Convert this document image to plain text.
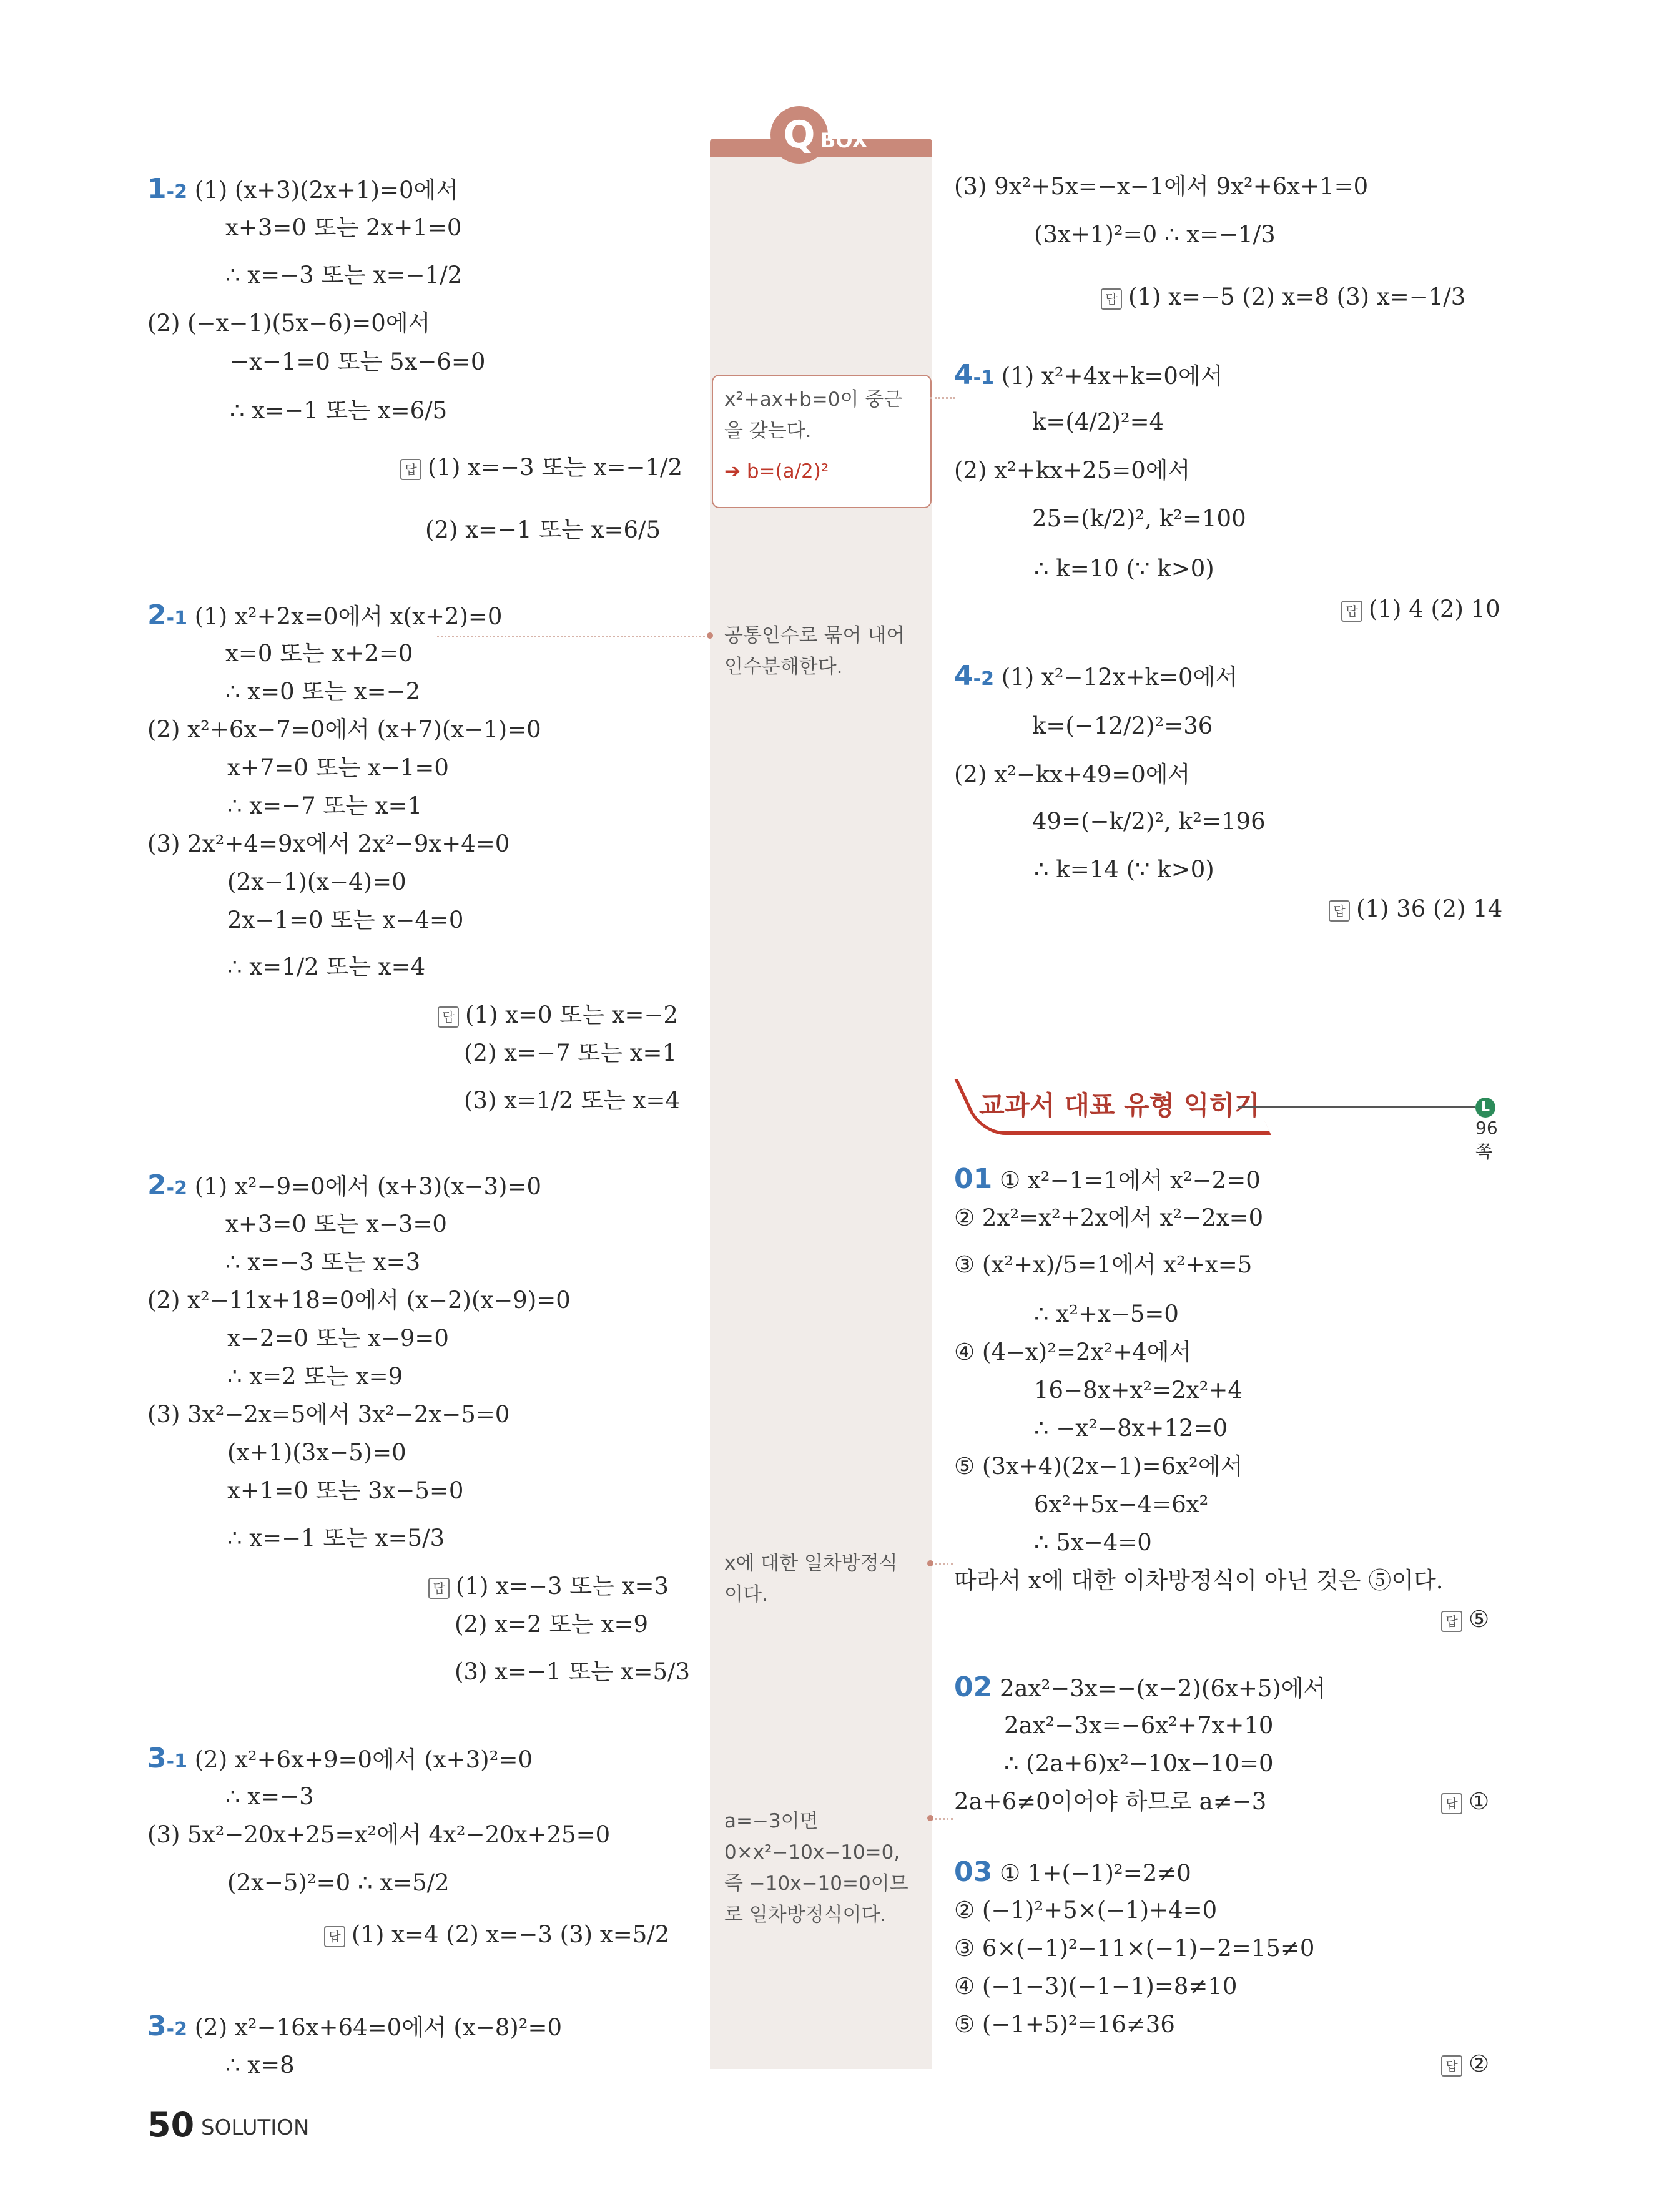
Q BOX
1-2 (1) (x+3)(2x+1)=0에서
x+3=0 또는 2x+1=0
∴ x=−3 또는 x=−1/2
(2) (−x−1)(5x−6)=0에서
−x−1=0 또는 5x−6=0
∴ x=−1 또는 x=6/5
답 (1) x=−3 또는 x=−1/2
(2) x=−1 또는 x=6/5
2-1 (1) x²+2x=0에서 x(x+2)=0
x=0 또는 x+2=0
∴ x=0 또는 x=−2
(2) x²+6x−7=0에서 (x+7)(x−1)=0
x+7=0 또는 x−1=0
∴ x=−7 또는 x=1
(3) 2x²+4=9x에서 2x²−9x+4=0
(2x−1)(x−4)=0
2x−1=0 또는 x−4=0
∴ x=1/2 또는 x=4
답 (1) x=0 또는 x=−2
(2) x=−7 또는 x=1
(3) x=1/2 또는 x=4
2-2 (1) x²−9=0에서 (x+3)(x−3)=0
x+3=0 또는 x−3=0
∴ x=−3 또는 x=3
(2) x²−11x+18=0에서 (x−2)(x−9)=0
x−2=0 또는 x−9=0
∴ x=2 또는 x=9
(3) 3x²−2x=5에서 3x²−2x−5=0
(x+1)(3x−5)=0
x+1=0 또는 3x−5=0
∴ x=−1 또는 x=5/3
답 (1) x=−3 또는 x=3
(2) x=2 또는 x=9
(3) x=−1 또는 x=5/3
3-1 (2) x²+6x+9=0에서 (x+3)²=0
∴ x=−3
(3) 5x²−20x+25=x²에서 4x²−20x+25=0
(2x−5)²=0 ∴ x=5/2
답 (1) x=4 (2) x=−3 (3) x=5/2
3-2 (2) x²−16x+64=0에서 (x−8)²=0
∴ x=8
x²+ax+b=0이 중근
을 갖는다.
➔ b=(a/2)²
공통인수로 묶어 내어
인수분해한다.
x에 대한 일차방정식
이다.
a=−3이면
0×x²−10x−10=0,
즉 −10x−10=0이므
로 일차방정식이다.
(3) 9x²+5x=−x−1에서 9x²+6x+1=0
(3x+1)²=0 ∴ x=−1/3
답 (1) x=−5 (2) x=8 (3) x=−1/3
4-1 (1) x²+4x+k=0에서
k=(4/2)²=4
(2) x²+kx+25=0에서
25=(k/2)², k²=100
∴ k=10 (∵ k>0)
답 (1) 4 (2) 10
4-2 (1) x²−12x+k=0에서
k=(−12/2)²=36
(2) x²−kx+49=0에서
49=(−k/2)², k²=196
∴ k=14 (∵ k>0)
답 (1) 36 (2) 14
01 ① x²−1=1에서 x²−2=0
② 2x²=x²+2x에서 x²−2x=0
③ (x²+x)/5=1에서 x²+x=5
∴ x²+x−5=0
④ (4−x)²=2x²+4에서
16−8x+x²=2x²+4
∴ −x²−8x+12=0
⑤ (3x+4)(2x−1)=6x²에서
6x²+5x−4=6x²
∴ 5x−4=0
따라서 x에 대한 이차방정식이 아닌 것은 ⑤이다.
답 ⑤
02 2ax²−3x=−(x−2)(6x+5)에서
2ax²−3x=−6x²+7x+10
∴ (2a+6)x²−10x−10=0
2a+6≠0이어야 하므로 a≠−3	답 ①
03 ① 1+(−1)²=2≠0
② (−1)²+5×(−1)+4=0
③ 6×(−1)²−11×(−1)−2=15≠0
④ (−1−3)(−1−1)=8≠10
⑤ (−1+5)²=16≠36
답 ②
교과서 대표 유형 익히기	L96쪽
50 SOLUTION
